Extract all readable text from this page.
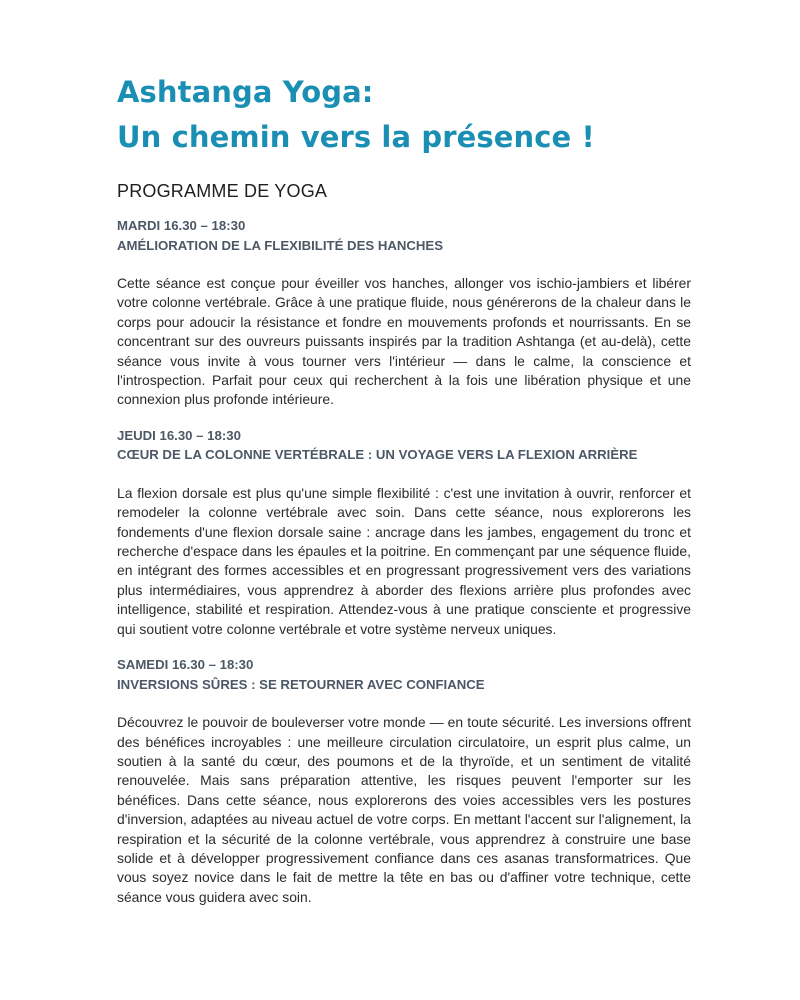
Ashtanga Yoga:
Un chemin vers la présence !
PROGRAMME DE YOGA
MARDI 16.30 – 18:30
AMÉLIORATION DE LA FLEXIBILITÉ DES HANCHES
Cette séance est conçue pour éveiller vos hanches, allonger vos ischio-jambiers et libérer votre colonne vertébrale. Grâce à une pratique fluide, nous générerons de la chaleur dans le corps pour adoucir la résistance et fondre en mouvements profonds et nourrissants. En se concentrant sur des ouvreurs puissants inspirés par la tradition Ashtanga (et au-delà), cette séance vous invite à vous tourner vers l'intérieur — dans le calme, la conscience et l'introspection. Parfait pour ceux qui recherchent à la fois une libération physique et une connexion plus profonde intérieure.
JEUDI 16.30 – 18:30
CŒUR DE LA COLONNE VERTÉBRALE : UN VOYAGE VERS LA FLEXION ARRIÈRE
La flexion dorsale est plus qu'une simple flexibilité : c'est une invitation à ouvrir, renforcer et remodeler la colonne vertébrale avec soin. Dans cette séance, nous explorerons les fondements d'une flexion dorsale saine : ancrage dans les jambes, engagement du tronc et recherche d'espace dans les épaules et la poitrine. En commençant par une séquence fluide, en intégrant des formes accessibles et en progressant progressivement vers des variations plus intermédiaires, vous apprendrez à aborder des flexions arrière plus profondes avec intelligence, stabilité et respiration. Attendez-vous à une pratique consciente et progressive qui soutient votre colonne vertébrale et votre système nerveux uniques.
SAMEDI 16.30 – 18:30
INVERSIONS SÛRES : SE RETOURNER AVEC CONFIANCE
Découvrez le pouvoir de bouleverser votre monde — en toute sécurité. Les inversions offrent des bénéfices incroyables : une meilleure circulation circulatoire, un esprit plus calme, un soutien à la santé du cœur, des poumons et de la thyroïde, et un sentiment de vitalité renouvelée. Mais sans préparation attentive, les risques peuvent l'emporter sur les bénéfices. Dans cette séance, nous explorerons des voies accessibles vers les postures d'inversion, adaptées au niveau actuel de votre corps. En mettant l'accent sur l'alignement, la respiration et la sécurité de la colonne vertébrale, vous apprendrez à construire une base solide et à développer progressivement confiance dans ces asanas transformatrices. Que vous soyez novice dans le fait de mettre la tête en bas ou d'affiner votre technique, cette séance vous guidera avec soin.
